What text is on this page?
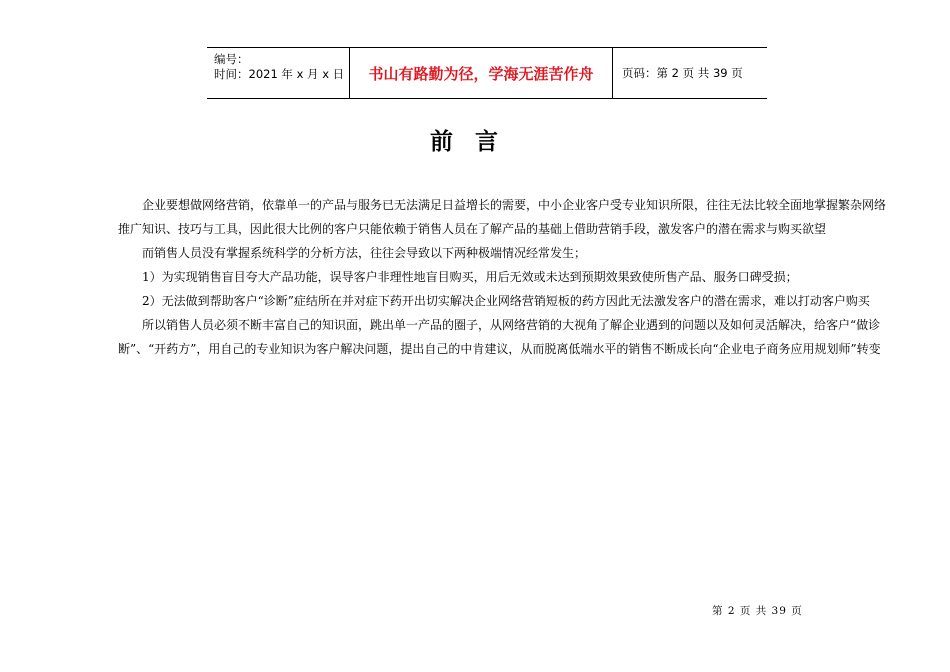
编号：
时间：2021 年 x 月 x 日	书山有路勤为径，学海无涯苦作舟	页码：第 2 页 共 39 页
前言

企业要想做网络营销，依靠单一的产品与服务已无法满足日益增长的需要，中小企业客户受专业知识所限，往往无法比较全面地掌握繁杂网络推广知识、技巧与工具，因此很大比例的客户只能依赖于销售人员在了解产品的基础上借助营销手段，激发客户的潜在需求与购买欲望

而销售人员没有掌握系统科学的分析方法，往往会导致以下两种极端情况经常发生；

1）为实现销售盲目夸大产品功能，误导客户非理性地盲目购买，用后无效或未达到预期效果致使所售产品、服务口碑受损；

2）无法做到帮助客户“诊断”症结所在并对症下药开出切实解决企业网络营销短板的药方因此无法激发客户的潜在需求，难以打动客户购买

所以销售人员必须不断丰富自己的知识面，跳出单一产品的圈子，从网络营销的大视角了解企业遇到的问题以及如何灵活解决，给客户“做诊断”、“开药方”，用自己的专业知识为客户解决问题，提出自己的中肯建议，从而脱离低端水平的销售不断成长向“企业电子商务应用规划师”转变

第 2 页 共 39 页
